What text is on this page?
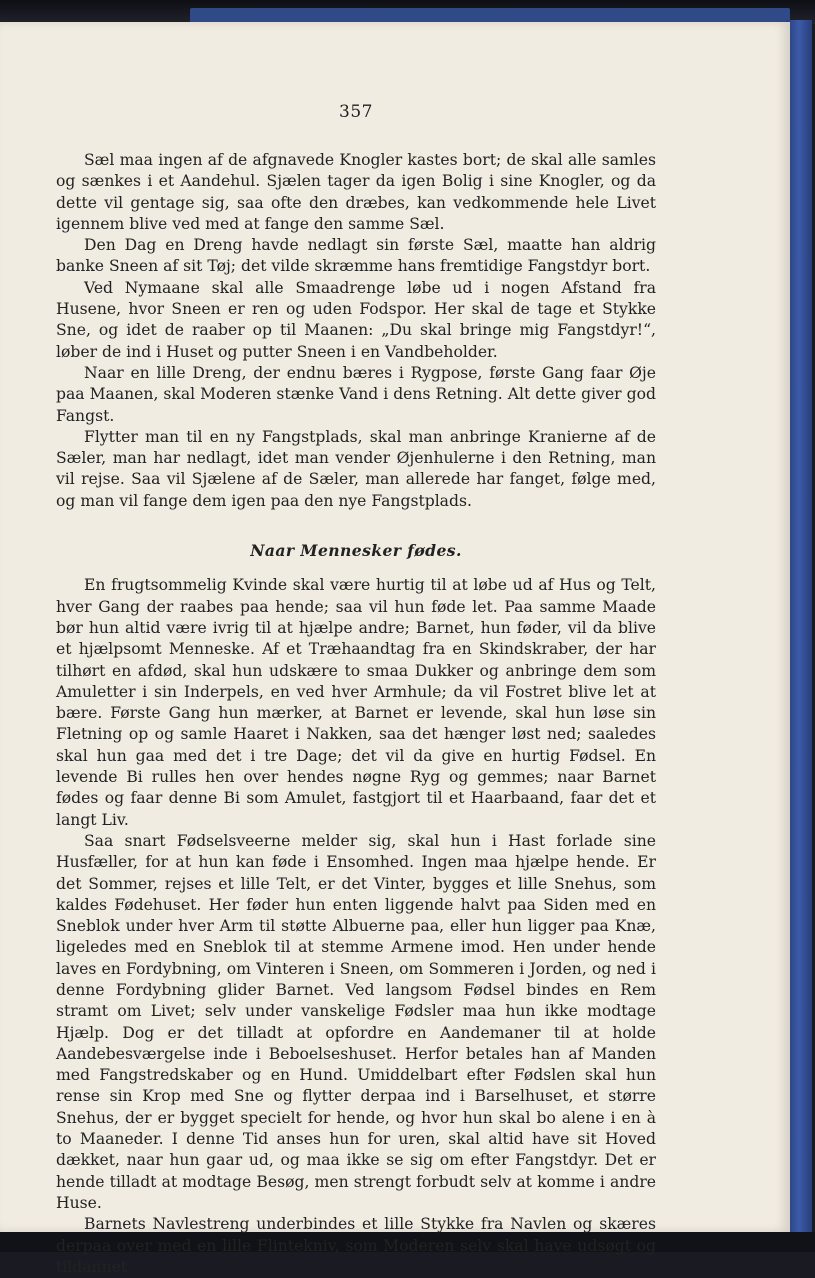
357

Sæl maa ingen af de afgnavede Knogler kastes bort; de skal alle samles og sænkes i et Aandehul. Sjælen tager da igen Bolig i sine Knogler, og da dette vil gentage sig, saa ofte den dræbes, kan vedkommende hele Livet igennem blive ved med at fange den samme Sæl.

Den Dag en Dreng havde nedlagt sin første Sæl, maatte han aldrig banke Sneen af sit Tøj; det vilde skræmme hans fremtidige Fangstdyr bort.

Ved Nymaane skal alle Smaadrenge løbe ud i nogen Afstand fra Husene, hvor Sneen er ren og uden Fodspor. Her skal de tage et Stykke Sne, og idet de raaber op til Maanen: „Du skal bringe mig Fangstdyr!“, løber de ind i Huset og putter Sneen i en Vandbeholder.

Naar en lille Dreng, der endnu bæres i Rygpose, første Gang faar Øje paa Maanen, skal Moderen stænke Vand i dens Retning. Alt dette giver god Fangst.

Flytter man til en ny Fangstplads, skal man anbringe Kranierne af de Sæler, man har nedlagt, idet man vender Øjenhulerne i den Retning, man vil rejse. Saa vil Sjælene af de Sæler, man allerede har fanget, følge med, og man vil fange dem igen paa den nye Fangstplads.

Naar Mennesker fødes.

En frugtsommelig Kvinde skal være hurtig til at løbe ud af Hus og Telt, hver Gang der raabes paa hende; saa vil hun føde let. Paa samme Maade bør hun altid være ivrig til at hjælpe andre; Barnet, hun føder, vil da blive et hjælpsomt Menneske. Af et Træhaandtag fra en Skindskraber, der har tilhørt en afdød, skal hun udskære to smaa Dukker og anbringe dem som Amuletter i sin Inderpels, en ved hver Armhule; da vil Fostret blive let at bære. Første Gang hun mærker, at Barnet er levende, skal hun løse sin Fletning op og samle Haaret i Nakken, saa det hænger løst ned; saaledes skal hun gaa med det i tre Dage; det vil da give en hurtig Fødsel. En levende Bi rulles hen over hendes nøgne Ryg og gemmes; naar Barnet fødes og faar denne Bi som Amulet, fastgjort til et Haarbaand, faar det et langt Liv.

Saa snart Fødselsveerne melder sig, skal hun i Hast forlade sine Husfæller, for at hun kan føde i Ensomhed. Ingen maa hjælpe hende. Er det Sommer, rejses et lille Telt, er det Vinter, bygges et lille Snehus, som kaldes Fødehuset. Her føder hun enten liggende halvt paa Siden med en Sneblok under hver Arm til støtte Albuerne paa, eller hun ligger paa Knæ, ligeledes med en Sneblok til at stemme Armene imod. Hen under hende laves en Fordybning, om Vinteren i Sneen, om Sommeren i Jorden, og ned i denne Fordybning glider Barnet. Ved langsom Fødsel bindes en Rem stramt om Livet; selv under vanskelige Fødsler maa hun ikke modtage Hjælp. Dog er det tilladt at opfordre en Aandemaner til at holde Aandebesværgelse inde i Beboelseshuset. Herfor betales han af Manden med Fangstredskaber og en Hund. Umiddelbart efter Fødslen skal hun rense sin Krop med Sne og flytter derpaa ind i Barselhuset, et større Snehus, der er bygget specielt for hende, og hvor hun skal bo alene i en à to Maaneder. I denne Tid anses hun for uren, skal altid have sit Hoved dækket, naar hun gaar ud, og maa ikke se sig om efter Fangstdyr. Det er hende tilladt at modtage Besøg, men strengt forbudt selv at komme i andre Huse.

Barnets Navlestreng underbindes et lille Stykke fra Navlen og skæres derpaa over med en lille Flintekniv, som Moderen selv skal have udsøgt og tildannet
